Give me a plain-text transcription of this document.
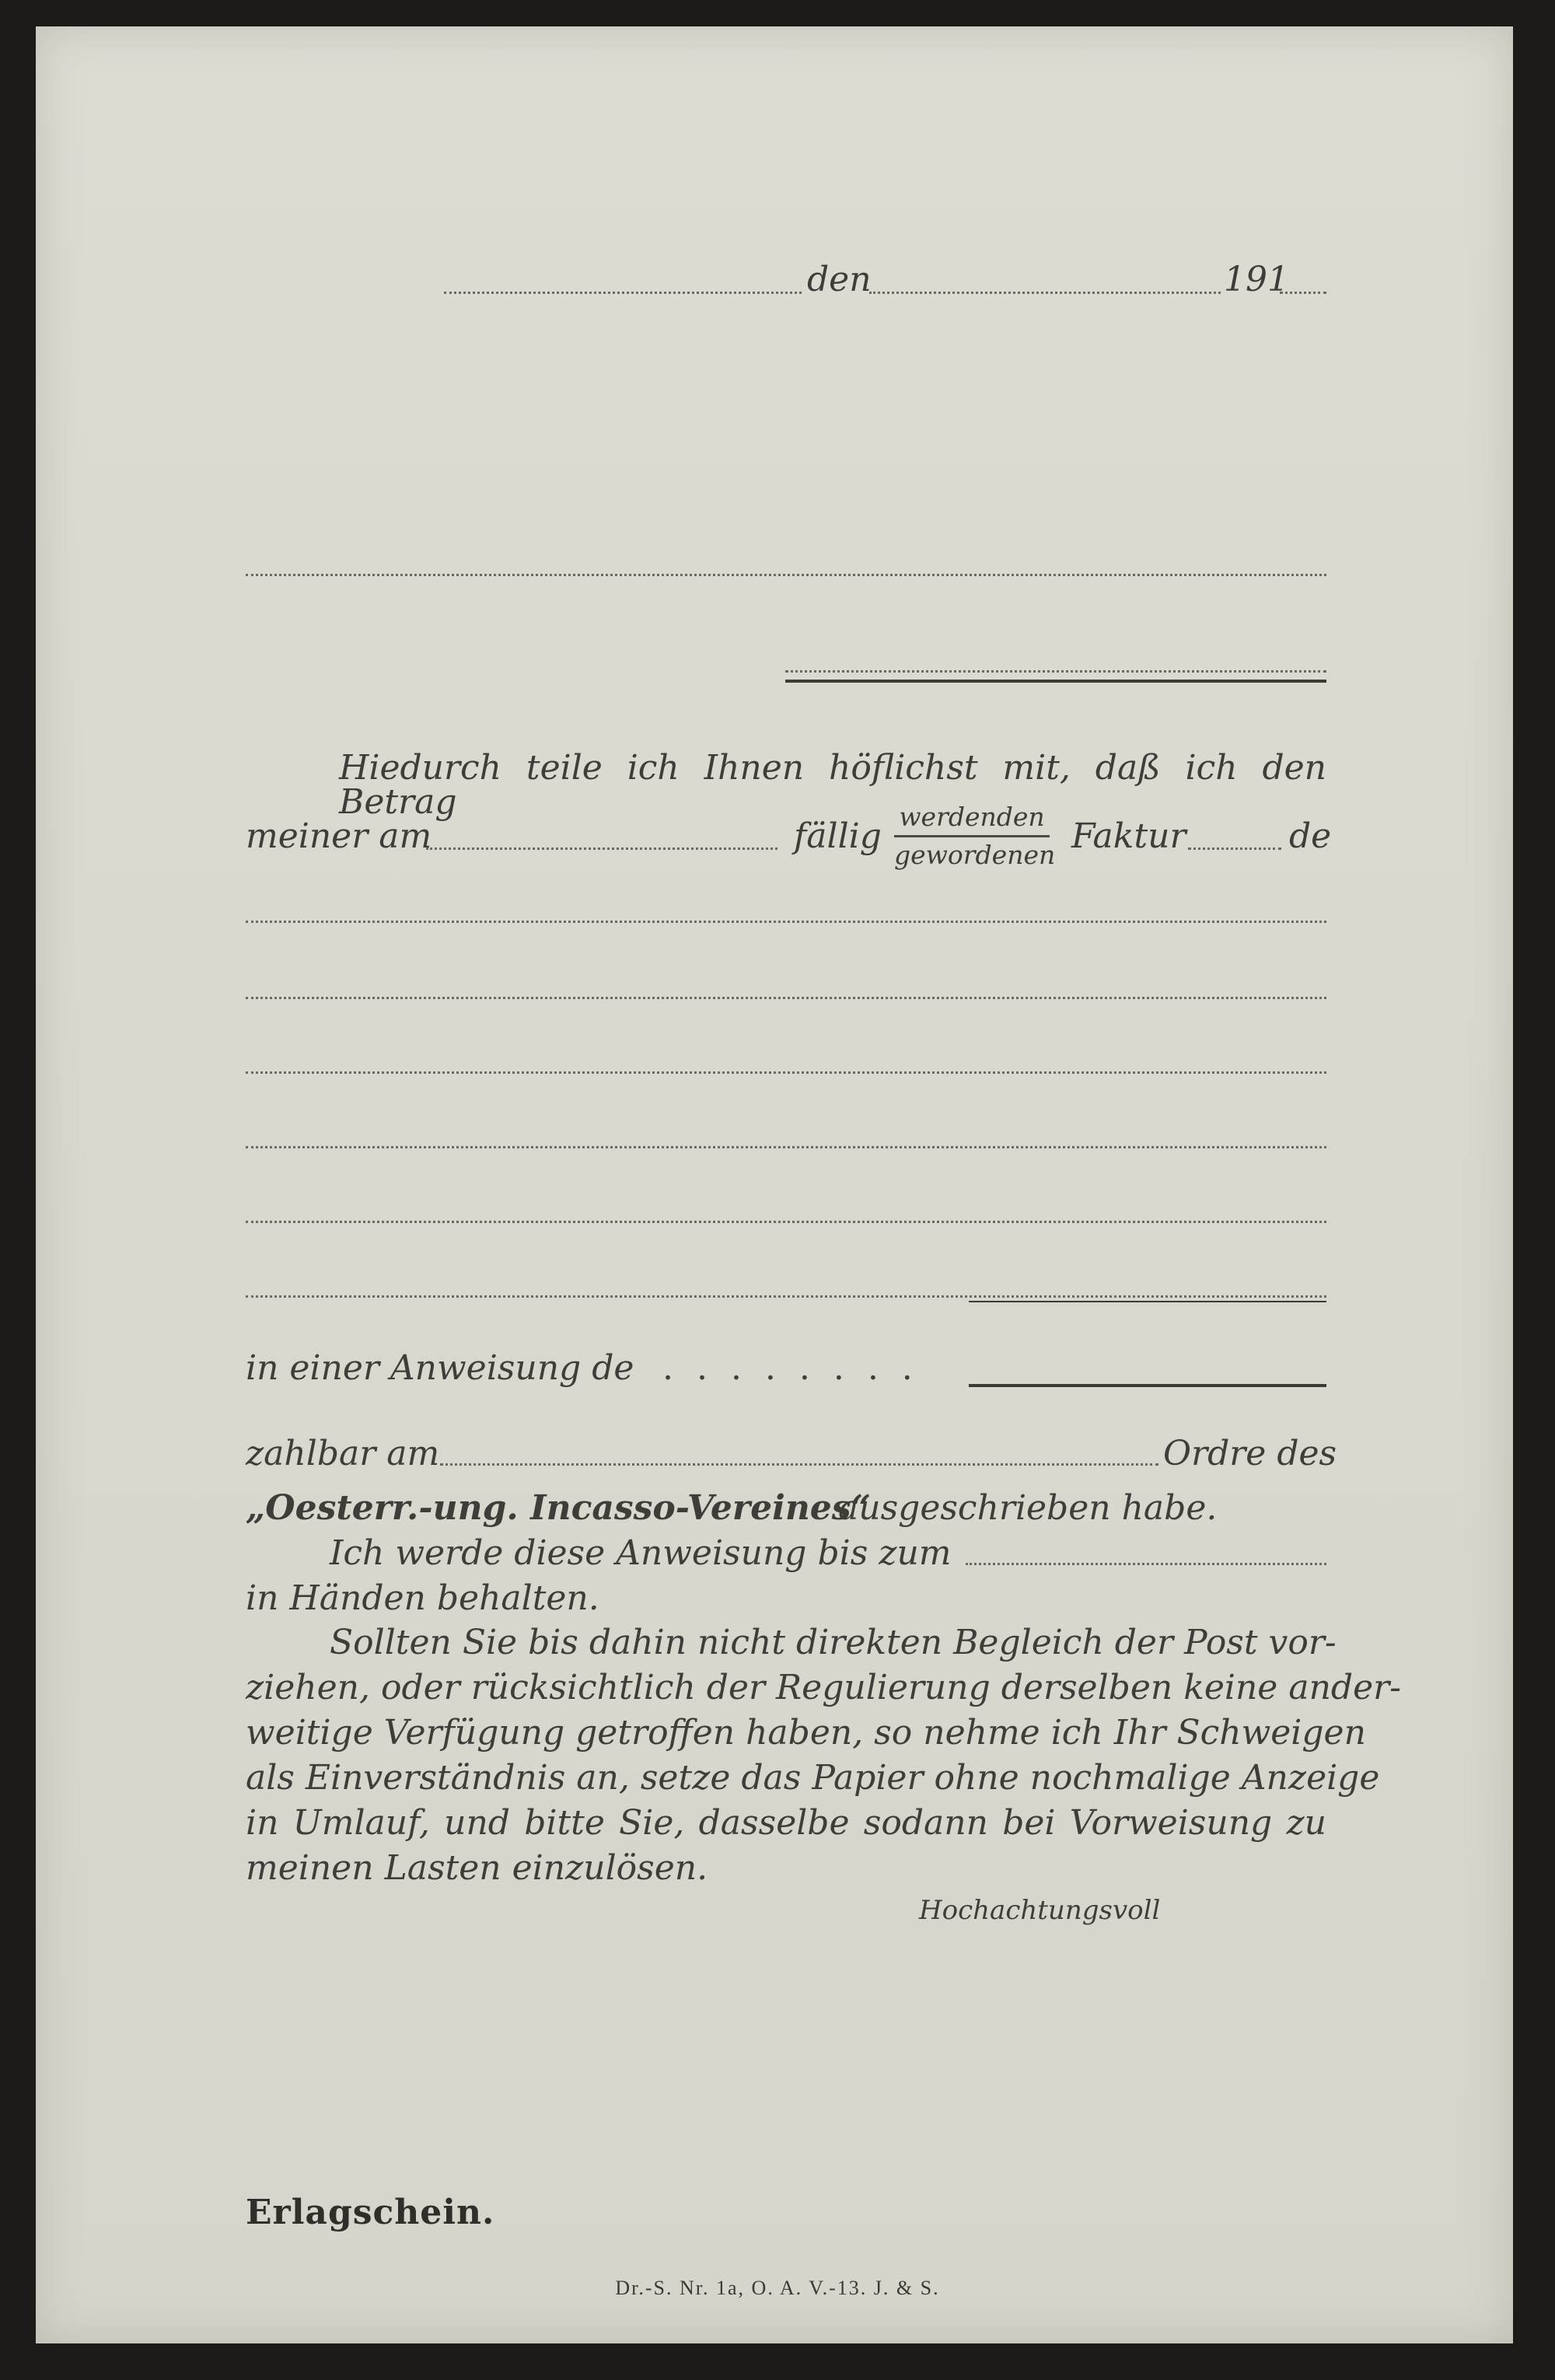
den	191
Hiedurch teile ich Ihnen höflichst mit, daß ich den Betrag
meiner am	fällig werdenden
gewordenen Faktur	de
in einer Anweisung de . . . . . . . .
zahlbar am	Ordre des
„Oesterr.-ung. Incasso-Vereines“
ausgeschrieben habe.
Ich werde diese Anweisung bis zum
in Händen behalten.
Sollten Sie bis dahin nicht direkten Begleich der Post vor-
ziehen, oder rücksichtlich der Regulierung derselben keine ander-
weitige Verfügung getroffen haben, so nehme ich Ihr Schweigen
als Einverständnis an, setze das Papier ohne nochmalige Anzeige
in Umlauf, und bitte Sie, dasselbe sodann bei Vorweisung zu
meinen Lasten einzulösen.
Hochachtungsvoll
Erlagschein.
Dr.-S. Nr. 1a, O. A. V.-13. J. & S.
